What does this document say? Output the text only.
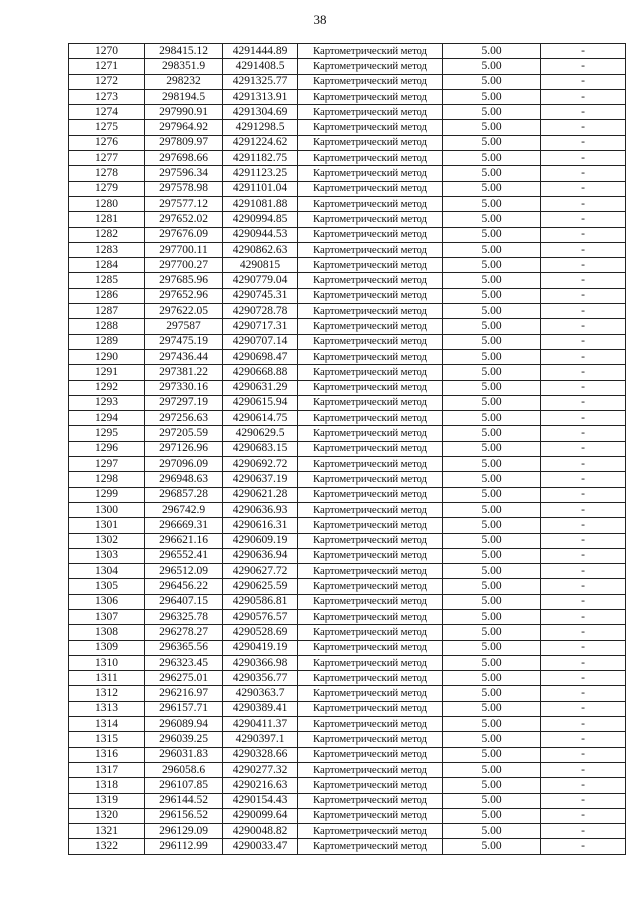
38
1270	298415.12	4291444.89	Картометрический метод	5.00	-
1271	298351.9	4291408.5	Картометрический метод	5.00	-
1272	298232	4291325.77	Картометрический метод	5.00	-
1273	298194.5	4291313.91	Картометрический метод	5.00	-
1274	297990.91	4291304.69	Картометрический метод	5.00	-
1275	297964.92	4291298.5	Картометрический метод	5.00	-
1276	297809.97	4291224.62	Картометрический метод	5.00	-
1277	297698.66	4291182.75	Картометрический метод	5.00	-
1278	297596.34	4291123.25	Картометрический метод	5.00	-
1279	297578.98	4291101.04	Картометрический метод	5.00	-
1280	297577.12	4291081.88	Картометрический метод	5.00	-
1281	297652.02	4290994.85	Картометрический метод	5.00	-
1282	297676.09	4290944.53	Картометрический метод	5.00	-
1283	297700.11	4290862.63	Картометрический метод	5.00	-
1284	297700.27	4290815	Картометрический метод	5.00	-
1285	297685.96	4290779.04	Картометрический метод	5.00	-
1286	297652.96	4290745.31	Картометрический метод	5.00	-
1287	297622.05	4290728.78	Картометрический метод	5.00	-
1288	297587	4290717.31	Картометрический метод	5.00	-
1289	297475.19	4290707.14	Картометрический метод	5.00	-
1290	297436.44	4290698.47	Картометрический метод	5.00	-
1291	297381.22	4290668.88	Картометрический метод	5.00	-
1292	297330.16	4290631.29	Картометрический метод	5.00	-
1293	297297.19	4290615.94	Картометрический метод	5.00	-
1294	297256.63	4290614.75	Картометрический метод	5.00	-
1295	297205.59	4290629.5	Картометрический метод	5.00	-
1296	297126.96	4290683.15	Картометрический метод	5.00	-
1297	297096.09	4290692.72	Картометрический метод	5.00	-
1298	296948.63	4290637.19	Картометрический метод	5.00	-
1299	296857.28	4290621.28	Картометрический метод	5.00	-
1300	296742.9	4290636.93	Картометрический метод	5.00	-
1301	296669.31	4290616.31	Картометрический метод	5.00	-
1302	296621.16	4290609.19	Картометрический метод	5.00	-
1303	296552.41	4290636.94	Картометрический метод	5.00	-
1304	296512.09	4290627.72	Картометрический метод	5.00	-
1305	296456.22	4290625.59	Картометрический метод	5.00	-
1306	296407.15	4290586.81	Картометрический метод	5.00	-
1307	296325.78	4290576.57	Картометрический метод	5.00	-
1308	296278.27	4290528.69	Картометрический метод	5.00	-
1309	296365.56	4290419.19	Картометрический метод	5.00	-
1310	296323.45	4290366.98	Картометрический метод	5.00	-
1311	296275.01	4290356.77	Картометрический метод	5.00	-
1312	296216.97	4290363.7	Картометрический метод	5.00	-
1313	296157.71	4290389.41	Картометрический метод	5.00	-
1314	296089.94	4290411.37	Картометрический метод	5.00	-
1315	296039.25	4290397.1	Картометрический метод	5.00	-
1316	296031.83	4290328.66	Картометрический метод	5.00	-
1317	296058.6	4290277.32	Картометрический метод	5.00	-
1318	296107.85	4290216.63	Картометрический метод	5.00	-
1319	296144.52	4290154.43	Картометрический метод	5.00	-
1320	296156.52	4290099.64	Картометрический метод	5.00	-
1321	296129.09	4290048.82	Картометрический метод	5.00	-
1322	296112.99	4290033.47	Картометрический метод	5.00	-
